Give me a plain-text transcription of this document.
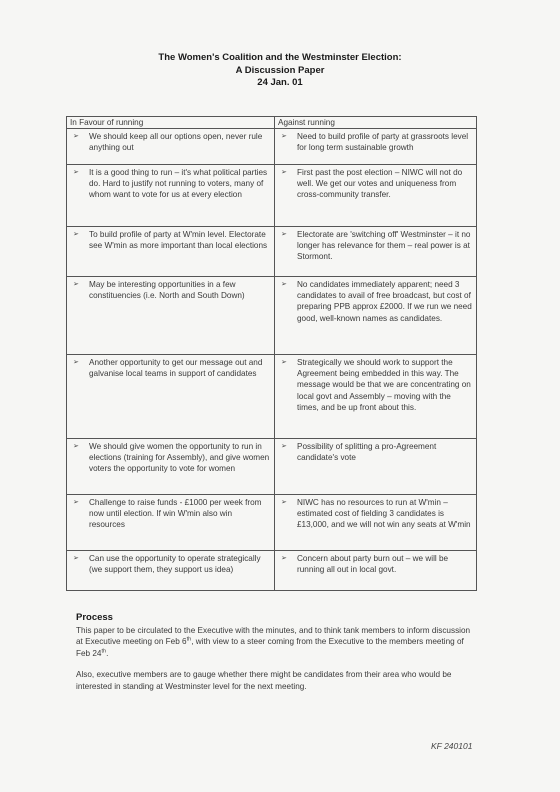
The Women's Coalition and the Westminster Election:
A Discussion Paper
24 Jan. 01
In Favour of running	Against running

➢ We should keep all our options open, never rule anything out	➢ Need to build profile of party at grassroots level for long term sustainable growth

➢ It is a good thing to run – it's what political parties do. Hard to justify not running to voters, many of whom want to vote for us at every election	➢ First past the post election – NIWC will not do well. We get our votes and uniqueness from cross-community transfer.

➢ To build profile of party at W'min level. Electorate see W'min as more important than local elections	➢ Electorate are 'switching off' Westminster – it no longer has relevance for them – real power is at Stormont.

➢ May be interesting opportunities in a few constituencies (i.e. North and South Down)	➢ No candidates immediately apparent; need 3 candidates to avail of free broadcast, but cost of preparing PPB approx £2000. If we run we need good, well-known names as candidates.

➢ Another opportunity to get our message out and galvanise local teams in support of candidates	➢ Strategically we should work to support the Agreement being embedded in this way. The message would be that we are concentrating on local govt and Assembly – moving with the times, and be up front about this.

➢ We should give women the opportunity to run in elections (training for Assembly), and give women voters the opportunity to vote for women	➢ Possibility of splitting a pro-Agreement candidate's vote

➢ Challenge to raise funds - £1000 per week from now until election. If win W'min also win resources	➢ NIWC has no resources to run at W'min – estimated cost of fielding 3 candidates is £13,000, and we will not win any seats at W'min

➢ Can use the opportunity to operate strategically (we support them, they support us idea)	➢ Concern about party burn out – we will be running all out in local govt.
Process

This paper to be circulated to the Executive with the minutes, and to think tank members to inform discussion at Executive meeting on Feb 6th, with view to a steer coming from the Executive to the members meeting of Feb 24th.

Also, executive members are to gauge whether there might be candidates from their area who would be interested in standing at Westminster level for the next meeting.

KF 240101
